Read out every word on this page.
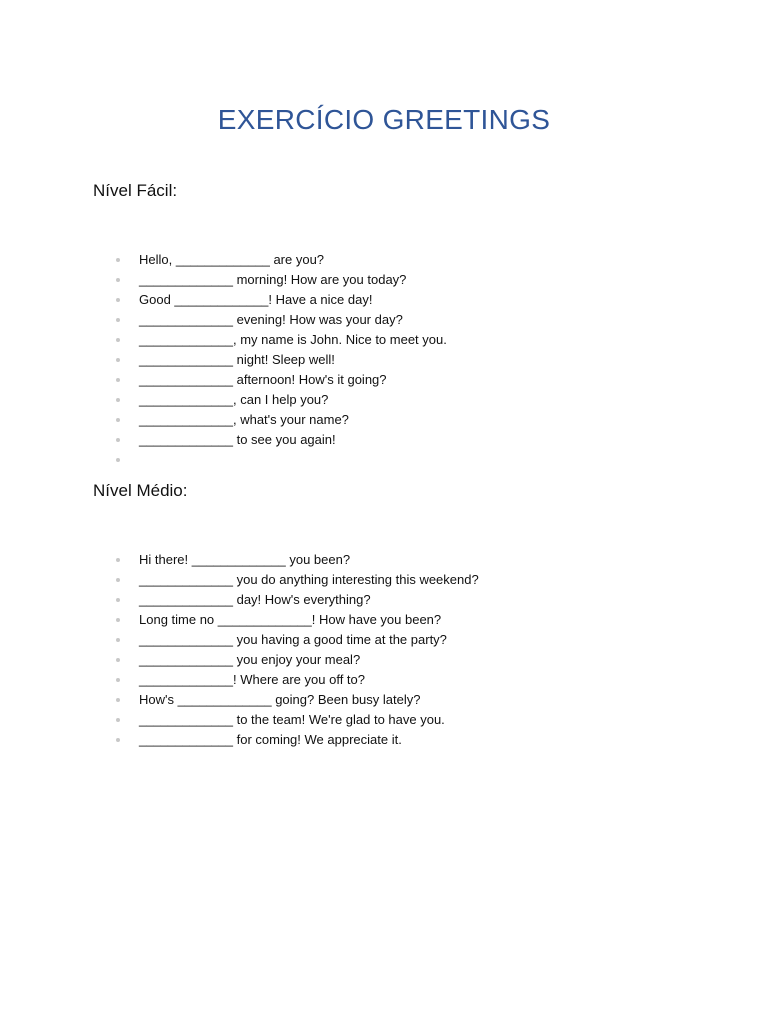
EXERCÍCIO GREETINGS
Nível Fácil:
Hello, _____________ are you?
_____________ morning! How are you today?
Good _____________! Have a nice day!
_____________ evening! How was your day?
_____________, my name is John. Nice to meet you.
_____________ night! Sleep well!
_____________ afternoon! How's it going?
_____________, can I help you?
_____________, what's your name?
_____________ to see you again!
Nível Médio:
Hi there! _____________ you been?
_____________ you do anything interesting this weekend?
_____________ day! How's everything?
Long time no _____________! How have you been?
_____________ you having a good time at the party?
_____________ you enjoy your meal?
_____________! Where are you off to?
How's _____________ going? Been busy lately?
_____________ to the team! We're glad to have you.
_____________ for coming! We appreciate it.
